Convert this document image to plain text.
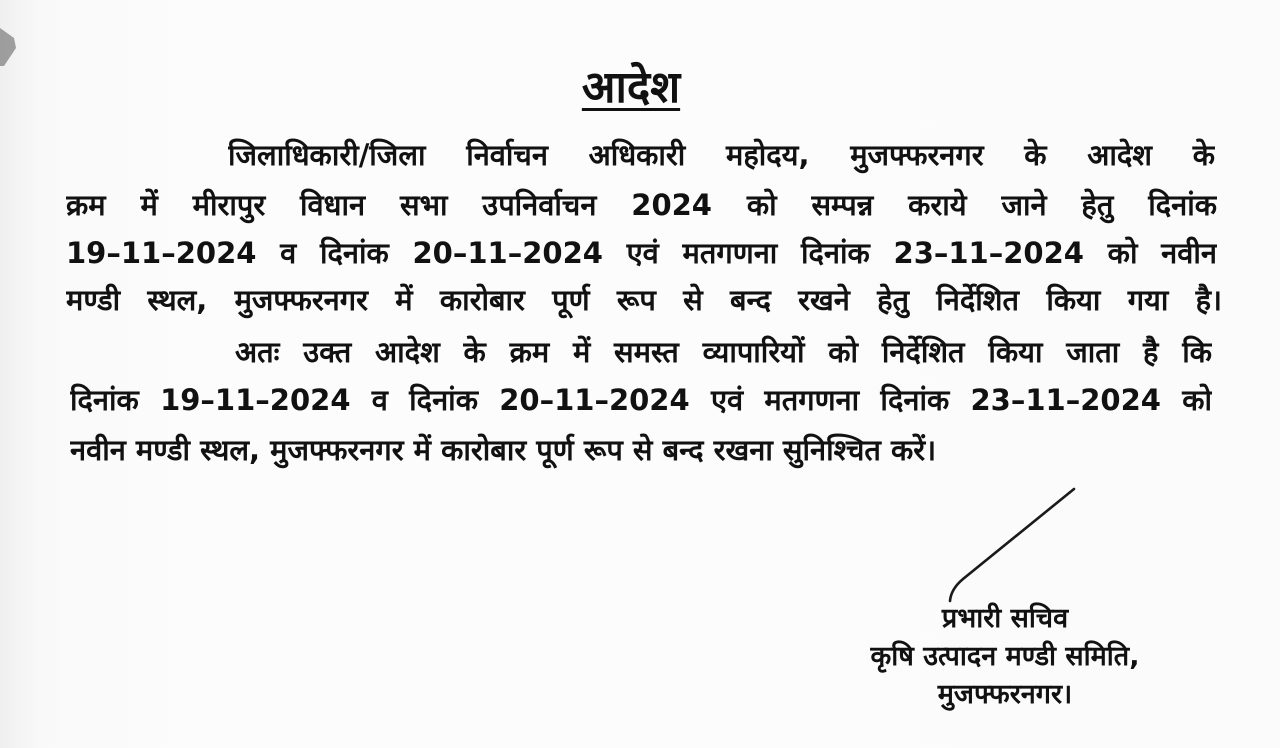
आदेश
जिलाधिकारी/जिला निर्वाचन अधिकारी महोदय, मुजफ्फरनगर के आदेश के
क्रम में मीरापुर विधान सभा उपनिर्वाचन 2024 को सम्पन्न कराये जाने हेतु दिनांक
19–11–2024 व दिनांक 20–11–2024 एवं मतगणना दिनांक 23–11–2024 को नवीन
मण्डी स्थल, मुजफ्फरनगर में कारोबार पूर्ण रूप से बन्द रखने हेतु निर्देशित किया गया है।
अतः उक्त आदेश के क्रम में समस्त व्यापारियों को निर्देशित किया जाता है कि
दिनांक 19–11–2024 व दिनांक 20–11–2024 एवं मतगणना दिनांक 23–11–2024 को
नवीन मण्डी स्थल, मुजफ्फरनगर में कारोबार पूर्ण रूप से बन्द रखना सुनिश्चित करें।
प्रभारी सचिव
कृषि उत्पादन मण्डी समिति,
मुजफ्फरनगर।
